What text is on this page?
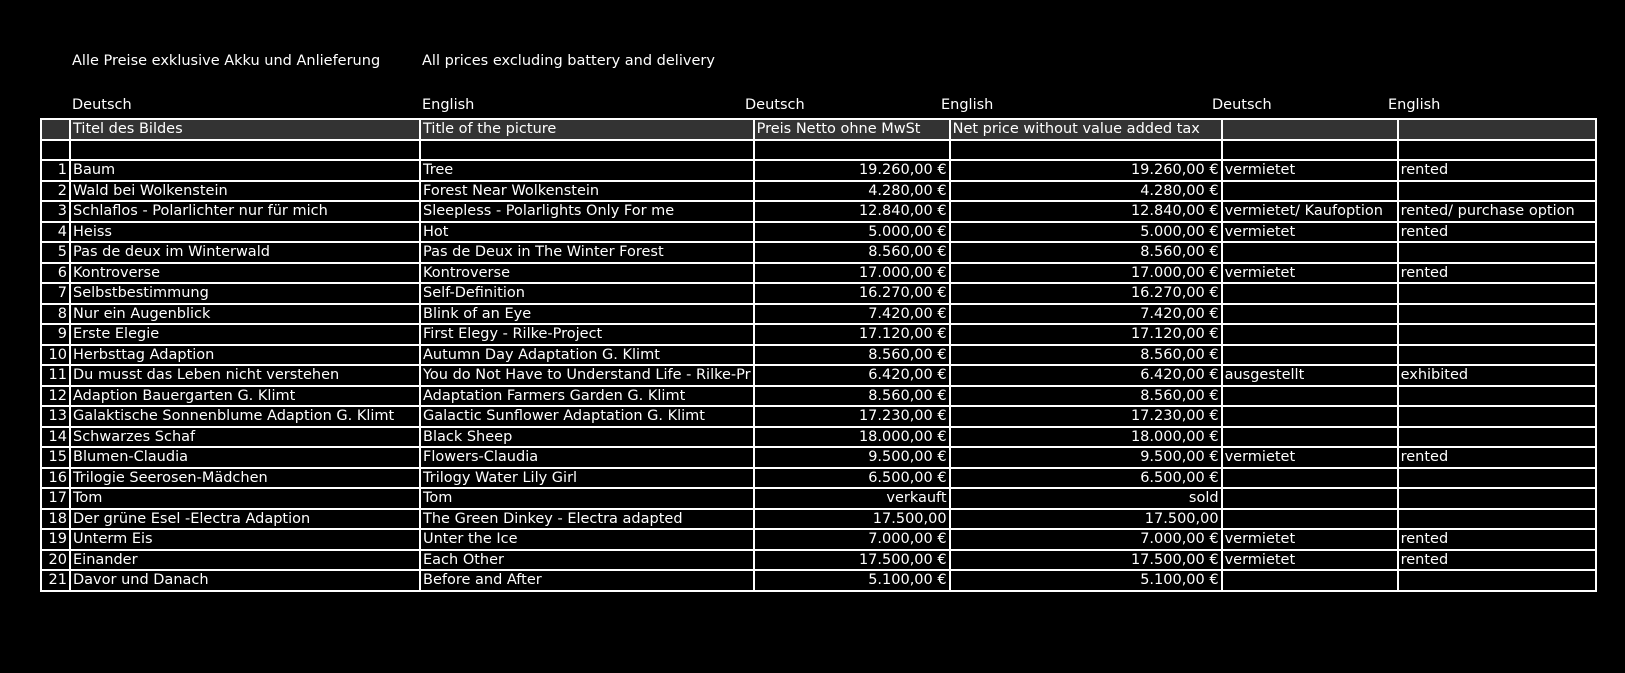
Alle Preise exklusive Akku und Anlieferung	All prices excluding battery and delivery
Deutsch	English	Deutsch	English	Deutsch	English
	Titel des Bildes	Title of the picture	Preis Netto ohne MwSt	Net price without value added tax		

1	Baum	Tree	19.260,00 €	19.260,00 €	vermietet	rented
2	Wald bei Wolkenstein	Forest Near Wolkenstein	4.280,00 €	4.280,00 €		
3	Schlaflos - Polarlichter nur für mich	Sleepless - Polarlights Only For me	12.840,00 €	12.840,00 €	vermietet/ Kaufoption	rented/ purchase option
4	Heiss	Hot	5.000,00 €	5.000,00 €	vermietet	rented
5	Pas de deux im Winterwald	Pas de Deux in The Winter Forest	8.560,00 €	8.560,00 €		
6	Kontroverse	Kontroverse	17.000,00 €	17.000,00 €	vermietet	rented
7	Selbstbestimmung	Self-Definition	16.270,00 €	16.270,00 €		
8	Nur ein Augenblick	Blink of an Eye	7.420,00 €	7.420,00 €		
9	Erste Elegie	First Elegy - Rilke-Project	17.120,00 €	17.120,00 €		
10	Herbsttag Adaption	Autumn Day Adaptation G. Klimt	8.560,00 €	8.560,00 €		
11	Du musst das Leben nicht verstehen	You do Not Have to Understand Life - Rilke-Pr	6.420,00 €	6.420,00 €	ausgestellt	exhibited
12	Adaption Bauergarten G. Klimt	Adaptation Farmers Garden G. Klimt	8.560,00 €	8.560,00 €		
13	Galaktische Sonnenblume Adaption G. Klimt	Galactic Sunflower Adaptation G. Klimt	17.230,00 €	17.230,00 €		
14	Schwarzes Schaf	Black Sheep	18.000,00 €	18.000,00 €		
15	Blumen-Claudia	Flowers-Claudia	9.500,00 €	9.500,00 €	vermietet	rented
16	Trilogie Seerosen-Mädchen	Trilogy Water Lily Girl	6.500,00 €	6.500,00 €		
17	Tom	Tom	verkauft	sold		
18	Der grüne Esel -Electra Adaption	The Green Dinkey - Electra adapted	17.500,00	17.500,00		
19	Unterm Eis	Unter the Ice	7.000,00 €	7.000,00 €	vermietet	rented
20	Einander	Each Other	17.500,00 €	17.500,00 €	vermietet	rented
21	Davor und Danach	Before and After	5.100,00 €	5.100,00 €		
